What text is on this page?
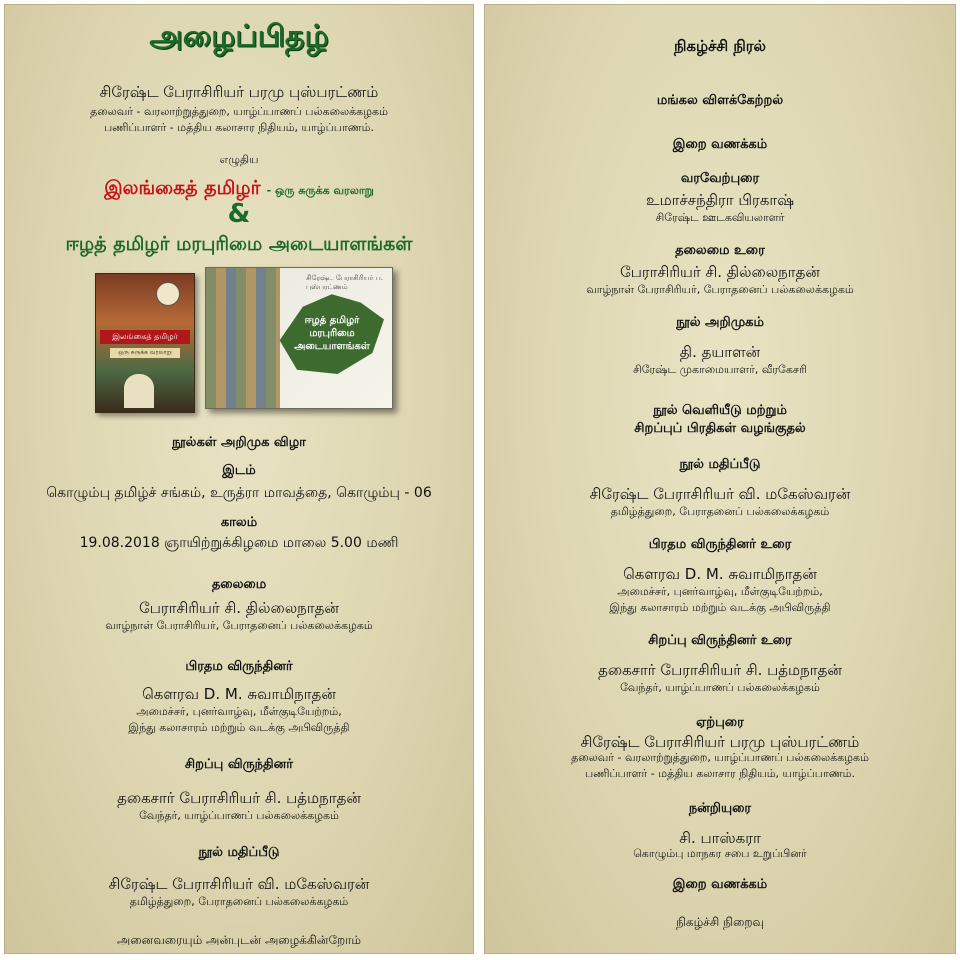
அழைப்பிதழ்
சிரேஷ்ட பேராசிரியர் பரமு புஸ்பரட்ணம்
தலைவர் - வரலாற்றுத்துறை, யாழ்ப்பாணப் பல்கலைக்கழகம்
பணிப்பாளர் - மத்திய கலாசார நிதியம், யாழ்ப்பாணம்.
எழுதிய
இலங்கைத் தமிழர் - ஒரு சுருக்க வரலாறு
&
ஈழத் தமிழர் மரபுரிமை அடையாளங்கள்
இலங்கைத் தமிழர்
ஒரு சுருக்க வரலாறு
சிரேஷ்ட பேராசிரியர் ப. புஸ்பரட்ணம்
ஈழத் தமிழர் மரபுரிமை அடையாளங்கள்
நூல்கள் அறிமுக விழா
இடம்
கொழும்பு தமிழ்ச் சங்கம், உருத்ரா மாவத்தை, கொழும்பு - 06
காலம்
19.08.2018 ஞாயிற்றுக்கிழமை மாலை 5.00 மணி
தலைமை
பேராசிரியர் சி. தில்லைநாதன்
வாழ்நாள் பேராசிரியர், பேராதனைப் பல்கலைக்கழகம்
பிரதம விருந்தினர்
கௌரவ D. M. சுவாமிநாதன்
அமைச்சர், புனர்வாழ்வு, மீள்குடியேற்றம்,
இந்து கலாசாரம் மற்றும் வடக்கு அபிவிருத்தி
சிறப்பு விருந்தினர்
தகைசார் பேராசிரியர் சி. பத்மநாதன்
வேந்தர், யாழ்ப்பாணப் பல்கலைக்கழகம்
நூல் மதிப்பீடு
சிரேஷ்ட பேராசிரியர் வி. மகேஸ்வரன்
தமிழ்த்துறை, பேராதனைப் பல்கலைக்கழகம்
அனைவரையும் அன்புடன் அழைக்கின்றோம்
நிகழ்ச்சி நிரல்
மங்கல விளக்கேற்றல்
இறை வணக்கம்
வரவேற்புரை
உமாச்சந்திரா பிரகாஷ்
சிரேஷ்ட ஊடகவியலாளர்
தலைமை உரை
பேராசிரியர் சி. தில்லைநாதன்
வாழ்நாள் பேராசிரியர், பேராதனைப் பல்கலைக்கழகம்
நூல் அறிமுகம்
தி. தயாளன்
சிரேஷ்ட முகாமையாளர், வீரகேசரி
நூல் வெளியீடு மற்றும்
சிறப்புப் பிரதிகள் வழங்குதல்
நூல் மதிப்பீடு
சிரேஷ்ட பேராசிரியர் வி. மகேஸ்வரன்
தமிழ்த்துறை, பேராதனைப் பல்கலைக்கழகம்
பிரதம விருந்தினர் உரை
கௌரவ D. M. சுவாமிநாதன்
அமைச்சர், புனர்வாழ்வு, மீள்குடியேற்றம்,
இந்து கலாசாரம் மற்றும் வடக்கு அபிவிருத்தி
சிறப்பு விருந்தினர் உரை
தகைசார் பேராசிரியர் சி. பத்மநாதன்
வேந்தர், யாழ்ப்பாணப் பல்கலைக்கழகம்
ஏற்புரை
சிரேஷ்ட பேராசிரியர் பரமு புஸ்பரட்ணம்
தலைவர் - வரலாற்றுத்துறை, யாழ்ப்பாணப் பல்கலைக்கழகம்
பணிப்பாளர் - மத்திய கலாசார நிதியம், யாழ்ப்பாணம்.
நன்றியுரை
சி. பாஸ்கரா
கொழும்பு மாநகர சபை உறுப்பினர்
இறை வணக்கம்
நிகழ்ச்சி நிறைவு
